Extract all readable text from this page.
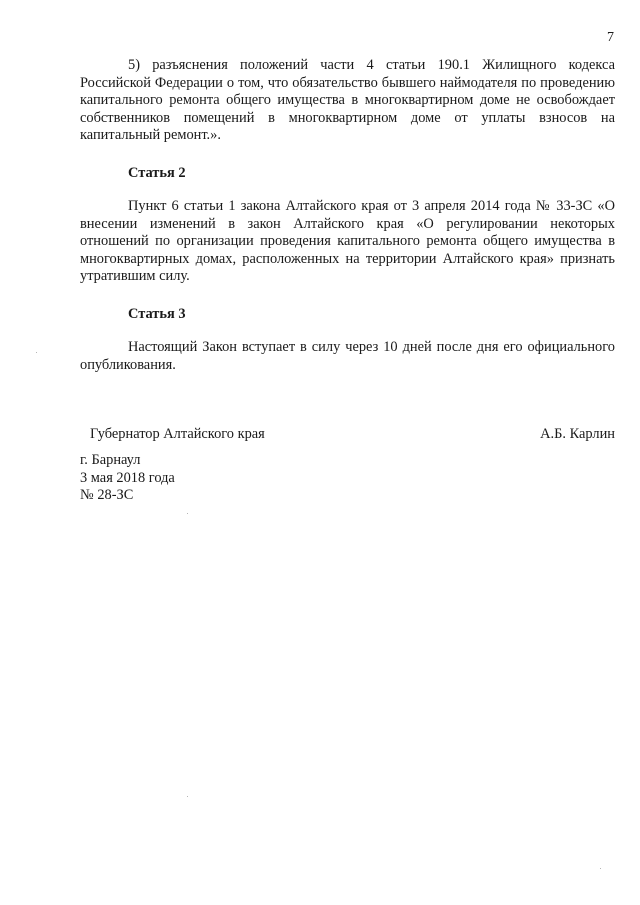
7

5) разъяснения положений части 4 статьи 190.1 Жилищного кодекса Российской Федерации о том, что обязательство бывшего наймодателя по проведению капитального ремонта общего имущества в многоквартирном доме не освобождает собственников помещений в многоквартирном доме от уплаты взносов на капитальный ремонт.».

Статья 2

Пункт 6 статьи 1 закона Алтайского края от 3 апреля 2014 года № 33-ЗС «О внесении изменений в закон Алтайского края «О регулировании некоторых отношений по организации проведения капитального ремонта общего имущества в многоквартирных домах, расположенных на территории Алтайского края» признать утратившим силу.

Статья 3

Настоящий Закон вступает в силу через 10 дней после дня его официального опубликования.

Губернатор Алтайского края	А.Б. Карлин
г. Барнаул
3 мая 2018 года
№ 28-ЗС
